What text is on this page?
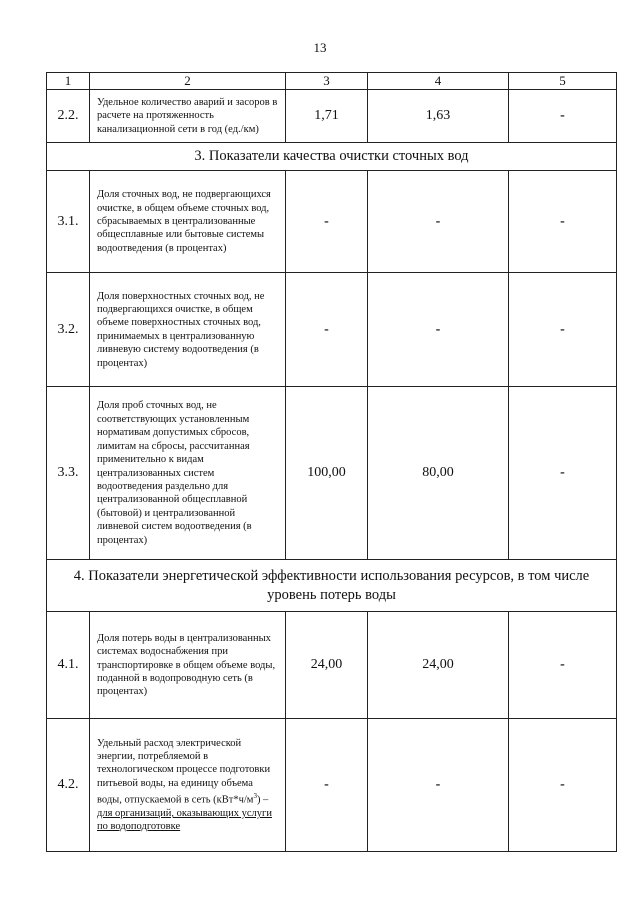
13
1	2	3	4	5
2.2.	Удельное количество аварий и засоров в расчете на протяженность канализационной сети в год (ед./км)	1,71	1,63	-
3. Показатели качества очистки сточных вод				
3.1.	Доля сточных вод, не подвергающихся очистке, в общем объеме сточных вод, сбрасываемых в централизованные общесплавные или бытовые системы водоотведения (в процентах)	-	-	-
3.2.	Доля поверхностных сточных вод, не подвергающихся очистке, в общем объеме поверхностных сточных вод, принимаемых в централизованную ливневую систему водоотведения (в процентах)	-	-	-
3.3.	Доля проб сточных вод, не соответствующих установленным нормативам допустимых сбросов, лимитам на сбросы, рассчитанная применительно к видам централизованных систем водоотведения раздельно для централизованной общесплавной (бытовой) и централизованной ливневой систем водоотведения (в процентах)	100,00	80,00	-
4. Показатели энергетической эффективности использования ресурсов, в том числе уровень потерь воды				
4.1.	Доля потерь воды в централизованных системах водоснабжения при транспортировке в общем объеме воды, поданной в водопроводную сеть (в процентах)	24,00	24,00	-
4.2.	Удельный расход электрической энергии, потребляемой в технологическом процессе подготовки питьевой воды, на единицу объема воды, отпускаемой в сеть $(кВт*ч/м^3)$ – для организаций, оказывающих услуги по водоподготовке	-	-	-
